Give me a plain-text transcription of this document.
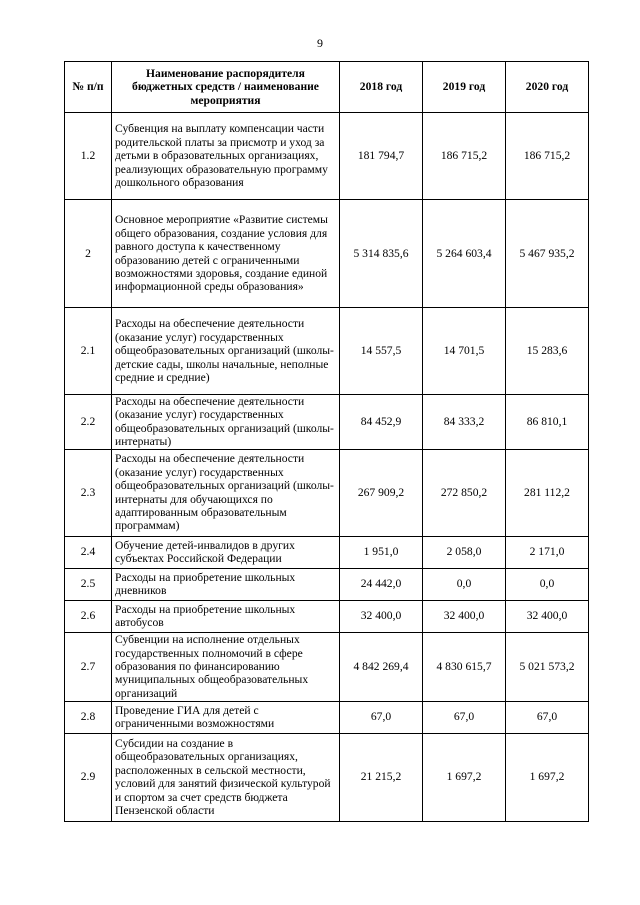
9
№ п/п	Наименование распорядителя бюджетных средств / наименование мероприятия	2018 год	2019 год	2020 год
1.2	Субвенция на выплату компенсации части родительской платы за присмотр и уход за детьми в образовательных организациях, реализующих образовательную программу дошкольного образования	181 794,7	186 715,2	186 715,2
2	Основное мероприятие «Развитие системы общего образования, создание условия для равного доступа к качественному образованию детей с ограниченными возможностями здоровья, создание единой информационной среды образования»	5 314 835,6	5 264 603,4	5 467 935,2
2.1	Расходы на обеспечение деятельности (оказание услуг) государственных общеобразовательных организаций (школы-детские сады, школы начальные, неполные средние и средние)	14 557,5	14 701,5	15 283,6
2.2	Расходы на обеспечение деятельности (оказание услуг) государственных общеобразовательных организаций (школы-интернаты)	84 452,9	84 333,2	86 810,1
2.3	Расходы на обеспечение деятельности (оказание услуг) государственных общеобразовательных организаций (школы-интернаты для обучающихся по адаптированным образовательным программам)	267 909,2	272 850,2	281 112,2
2.4	Обучение детей-инвалидов в других субъектах Российской Федерации	1 951,0	2 058,0	2 171,0
2.5	Расходы на приобретение школьных дневников	24 442,0	0,0	0,0
2.6	Расходы на приобретение школьных автобусов	32 400,0	32 400,0	32 400,0
2.7	Субвенции на исполнение отдельных государственных полномочий в сфере образования по финансированию муниципальных общеобразовательных организаций	4 842 269,4	4 830 615,7	5 021 573,2
2.8	Проведение ГИА для детей с ограниченными возможностями	67,0	67,0	67,0
2.9	Субсидии на создание в общеобразовательных организациях, расположенных в сельской местности, условий для занятий физической культурой и спортом за счет средств бюджета Пензенской области	21 215,2	1 697,2	1 697,2
